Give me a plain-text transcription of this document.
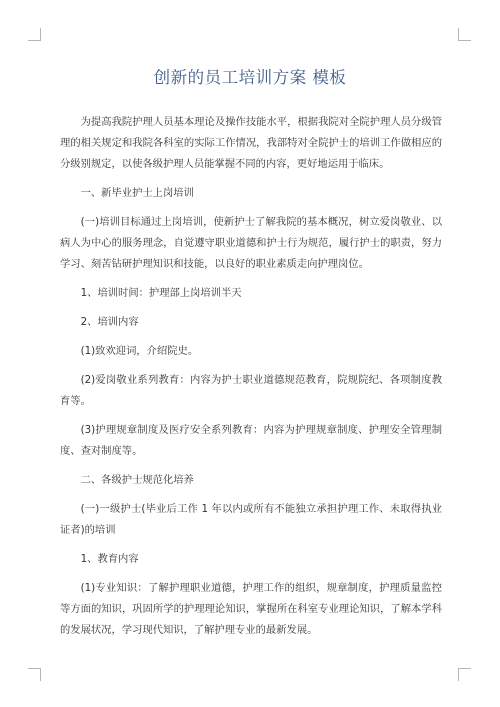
创新的员工培训方案 模板

为提高我院护理人员基本理论及操作技能水平，根据我院对全院护理人员分级管理的相关规定和我院各科室的实际工作情况，我部特对全院护士的培训工作做相应的分级别规定，以使各级护理人员能掌握不同的内容，更好地运用于临床。

一、新毕业护士上岗培训

(一)培训目标通过上岗培训，使新护士了解我院的基本概况，树立爱岗敬业、以病人为中心的服务理念，自觉遵守职业道德和护士行为规范，履行护士的职责，努力学习、刻苦钻研护理知识和技能，以良好的职业素质走向护理岗位。

1、培训时间：护理部上岗培训半天

2、培训内容

(1)致欢迎词，介绍院史。

(2)爱岗敬业系列教育：内容为护士职业道德规范教育，院规院纪、各项制度教育等。

(3)护理规章制度及医疗安全系列教育：内容为护理规章制度、护理安全管理制度、查对制度等。

二、各级护士规范化培养

(一)一级护士(毕业后工作 1 年以内或所有不能独立承担护理工作、未取得执业证者)的培训

1、教育内容

(1)专业知识：了解护理职业道德，护理工作的组织，规章制度，护理质量监控等方面的知识，巩固所学的护理理论知识，掌握所在科室专业理论知识，了解本学科的发展状况，学习现代知识，了解护理专业的最新发展。
